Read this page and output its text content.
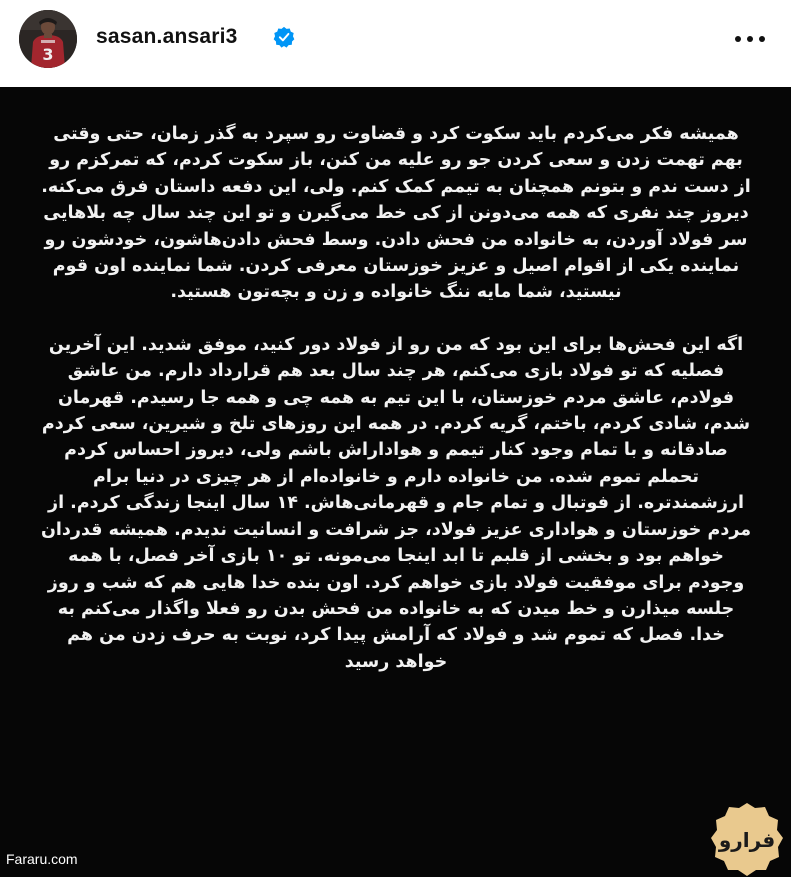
3
sasan.ansari3

همیشه فکر می‌کردم باید سکوت کرد و قضاوت رو سپرد به گذر زمان، حتی وقتی بهم تهمت زدن و سعی کردن جو رو علیه من کنن، باز سکوت کردم، که تمرکزم رو از دست ندم و بتونم همچنان به تیمم کمک کنم. ولی، این دفعه داستان فرق می‌کنه. دیروز چند نفری که همه می‌دونن از کی خط می‌گیرن و تو این چند سال چه بلاهایی سر فولاد آوردن، به خانواده من فحش دادن. وسط فحش دادن‌هاشون، خودشون رو نماینده یکی از اقوام اصیل و عزیز خوزستان معرفی کردن. شما نماینده اون قوم نیستید، شما مایه ننگ خانواده و زن و بچه‌تون هستید.

اگه این فحش‌ها برای این بود که من رو از فولاد دور کنید، موفق شدید. این آخرین فصلیه که تو فولاد بازی می‌کنم، هر چند سال بعد هم قرارداد دارم. من عاشق فولادم، عاشق مردم خوزستان، با این تیم به همه چی و همه جا رسیدم. قهرمان شدم، شادی کردم، باختم، گریه کردم. در همه این روزهای تلخ و شیرین، سعی کردم صادقانه و با تمام وجود کنار تیمم و هواداراش باشم ولی، دیروز احساس کردم تحملم تموم شده. من خانواده دارم و خانواده‌ام از هر چیزی در دنیا برام ارزشمندتره. از فوتبال و تمام جام و قهرمانی‌هاش. ۱۴ سال اینجا زندگی کردم. از مردم خوزستان و هواداری عزیز فولاد، جز شرافت و انسانیت ندیدم. همیشه قدردان خواهم بود و بخشی از قلبم تا ابد اینجا می‌مونه. تو ۱۰ بازی آخر فصل، با همه وجودم برای موفقیت فولاد بازی خواهم کرد. اون بنده خدا هایی هم که شب و روز جلسه میذارن و خط میدن که به خانواده من فحش بدن رو فعلا واگذار می‌کنم به خدا. فصل که تموم شد و فولاد که آرامش پیدا کرد، نوبت به حرف زدن من هم خواهد رسید

Fararu.com
فرارو
